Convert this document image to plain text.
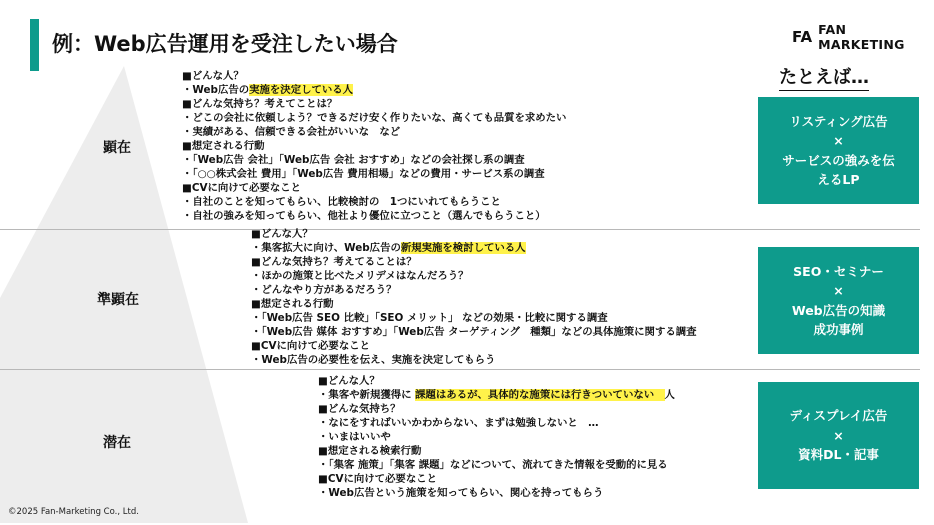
例：Web広告運用を受注したい場合	FA FAN MARKETING
たとえば…
顕在
準顕在
潜在
■どんな人？
・Web広告の実施を決定している人
■どんな気持ち？考えてことは？
・どこの会社に依頼しよう？できるだけ安く作りたいな、高くても品質を求めたい
・実績がある、信頼できる会社がいいな　など
■想定される行動
・「Web広告 会社」「Web広告 会社 おすすめ」などの会社探し系の調査
・「○○株式会社 費用」「Web広告 費用相場」などの費用・サービス系の調査
■CVに向けて必要なこと
・自社のことを知ってもらい、比較検討の　1つにいれてもらうこと
・自社の強みを知ってもらい、他社より優位に立つこと（選んでもらうこと）
■どんな人？
・集客拡大に向け、Web広告の新規実施を検討している人
■どんな気持ち？考えてることは？
・ほかの施策と比べたメリデメはなんだろう？
・どんなやり方があるだろう？
■想定される行動
・「Web広告 SEO 比較」「SEO メリット」 などの効果・比較に関する調査
・「Web広告 媒体 おすすめ」「Web広告 ターゲティング　種類」などの具体施策に関する調査
■CVに向けて必要なこと
・Web広告の必要性を伝え、実施を決定してもらう
■どんな人？
・集客や新規獲得に 課題はあるが、具体的な施策には行きついていない　人
■どんな気持ち？
・なにをすればいいかわからない、まずは勉強しないと　…
・いまはいいや
■想定される検索行動
・「集客 施策」「集客 課題」などについて、流れてきた情報を受動的に見る
■CVに向けて必要なこと
・Web広告という施策を知ってもらい、関心を持ってもらう
リスティング広告
×
サービスの強みを伝
えるLP
SEO・セミナー
×
Web広告の知識
成功事例
ディスプレイ広告
×
資料DL・記事
©2025 Fan-Marketing Co., Ltd.
